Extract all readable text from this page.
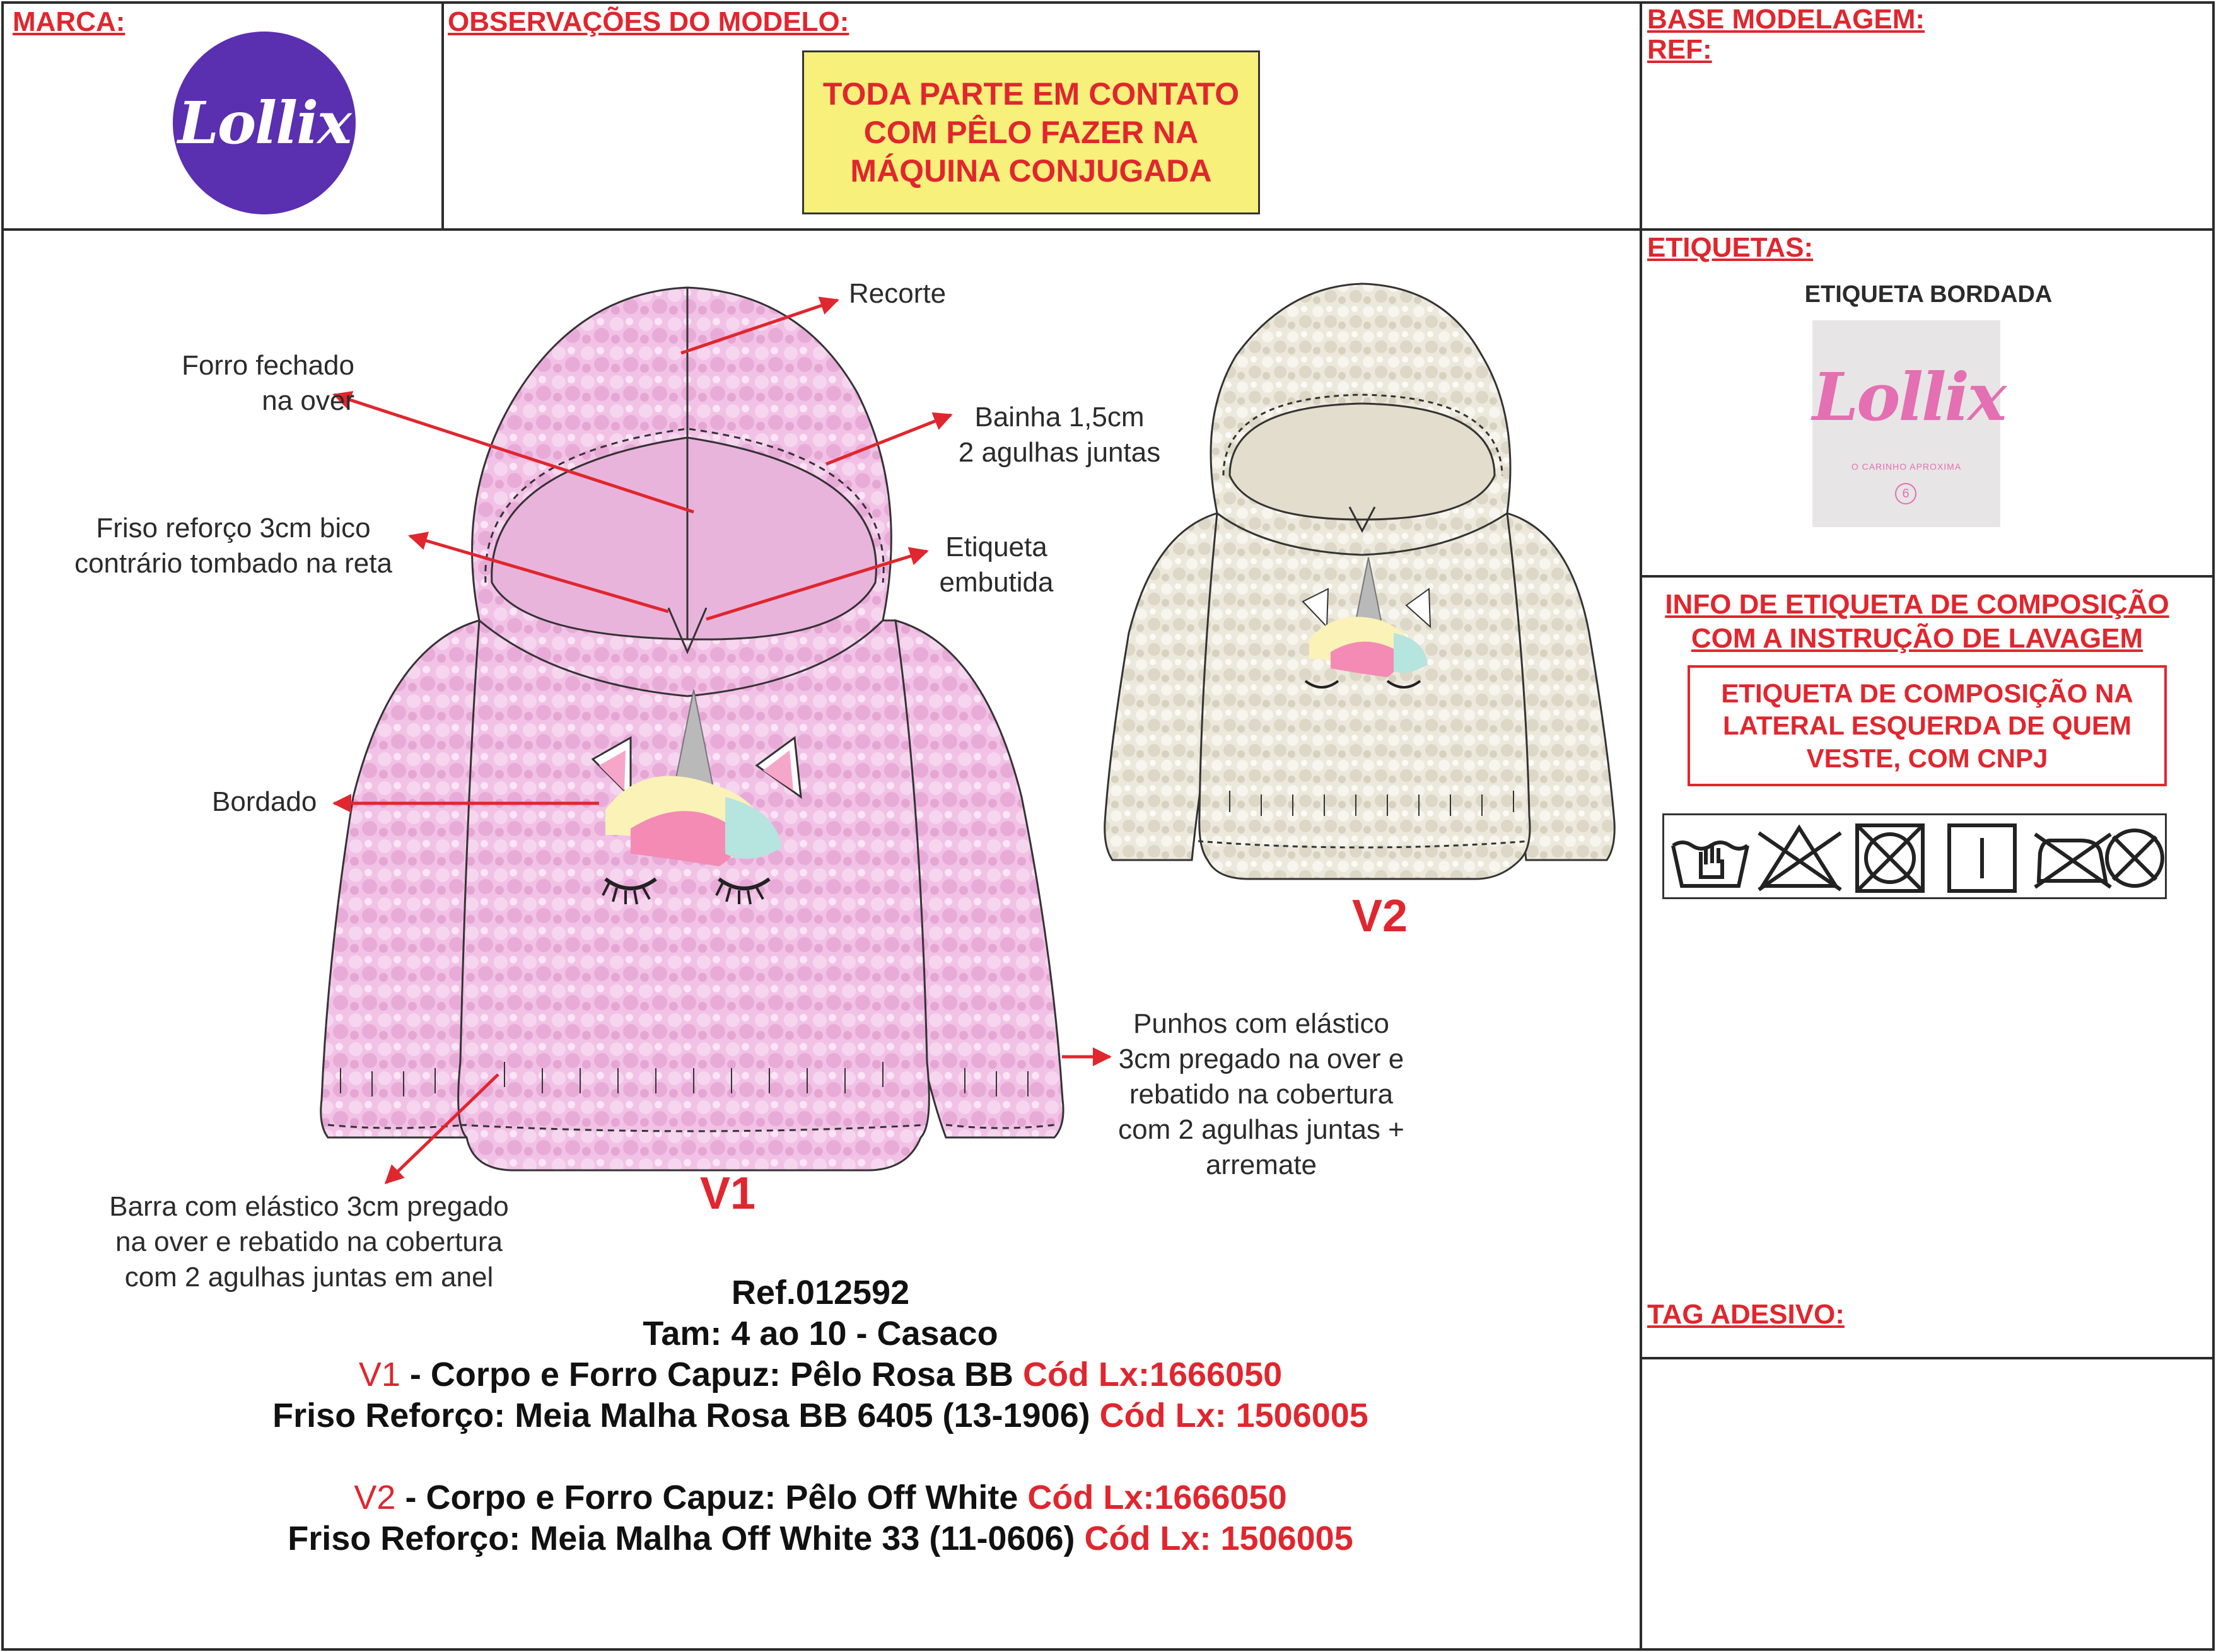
MARCA:
Lollix
OBSERVAÇÕES DO MODELO:
TODA PARTE EM CONTATO
COM PÊLO FAZER NA
MÁQUINA CONJUGADA
BASE MODELAGEM:
REF:
ETIQUETAS:
ETIQUETA BORDADA
Lollix
O CARINHO APROXIMA
6
INFO DE ETIQUETA DE COMPOSIÇÃO
COM A INSTRUÇÃO DE LAVAGEM
ETIQUETA DE COMPOSIÇÃO NA
LATERAL ESQUERDA DE QUEM
VESTE, COM CNPJ
TAG ADESIVO:
Recorte
Forro fechado
na over
Bainha 1,5cm
2 agulhas juntas
Friso reforço 3cm bico
contrário tombado na reta
Etiqueta
embutida
Bordado
Punhos com elástico
3cm pregado na over e
rebatido na cobertura
com 2 agulhas juntas +
arremate
Barra com elástico 3cm pregado
na over e rebatido na cobertura
com 2 agulhas juntas em anel
V1
V2
Ref.012592
Tam: 4 ao 10 - Casaco
V1 - Corpo e Forro Capuz: Pêlo Rosa BB Cód Lx:1666050
Friso Reforço: Meia Malha Rosa BB 6405 (13-1906) Cód Lx: 1506005
V2 - Corpo e Forro Capuz: Pêlo Off White Cód Lx:1666050
Friso Reforço: Meia Malha Off White 33 (11-0606) Cód Lx: 1506005
